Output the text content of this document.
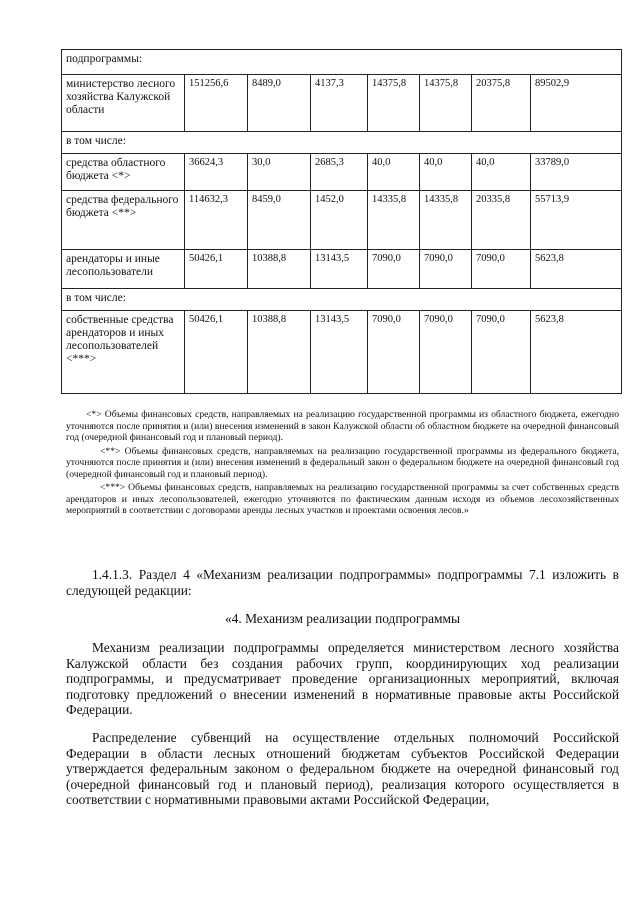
подпрограммы:							
министерство лесного хозяйства Калужской области	151256,6	8489,0	4137,3	14375,8	14375,8	20375,8	89502,9
в том числе:							
средства областного бюджета <*>	36624,3	30,0	2685,3	40,0	40,0	40,0	33789,0
средства федерального бюджета <**>	114632,3	8459,0	1452,0	14335,8	14335,8	20335,8	55713,9
арендаторы и иные лесопользователи	50426,1	10388,8	13143,5	7090,0	7090,0	7090,0	5623,8
в том числе:							
собственные средства арендаторов и иных лесопользователей <***>	50426,1	10388,8	13143,5	7090,0	7090,0	7090,0	5623,8

<*> Объемы финансовых средств, направляемых на реализацию государственной программы из областного бюджета, ежегодно уточняются после принятия и (или) внесения изменений в закон Калужской области об областном бюджете на очередной финансовый год (очередной финансовый год и плановый период).

<**> Объемы финансовых средств, направляемых на реализацию государственной программы из федерального бюджета, уточняются после принятия и (или) внесения изменений в федеральный закон о федеральном бюджете на очередной финансовый год (очередной финансовый год и плановый период).

<***> Объемы финансовых средств, направляемых на реализацию государственной программы за счет собственных средств арендаторов и иных лесопользователей, ежегодно уточняются по фактическим данным исходя из объемов лесохозяйственных мероприятий в соответствии с договорами аренды лесных участков и проектами освоения лесов.»

1.4.1.3. Раздел 4 «Механизм реализации подпрограммы» подпрограммы 7.1 изложить в следующей редакции:

«4. Механизм реализации подпрограммы

Механизм реализации подпрограммы определяется министерством лесного хозяйства Калужской области без создания рабочих групп, координирующих ход реализации подпрограммы, и предусматривает проведение организационных мероприятий, включая подготовку предложений о внесении изменений в нормативные правовые акты Российской Федерации.

Распределение субвенций на осуществление отдельных полномочий Российской Федерации в области лесных отношений бюджетам субъектов Российской Федерации утверждается федеральным законом о федеральном бюджете на очередной финансовый год (очередной финансовый год и плановый период), реализация которого осуществляется в соответствии с нормативными правовыми актами Российской Федерации,
